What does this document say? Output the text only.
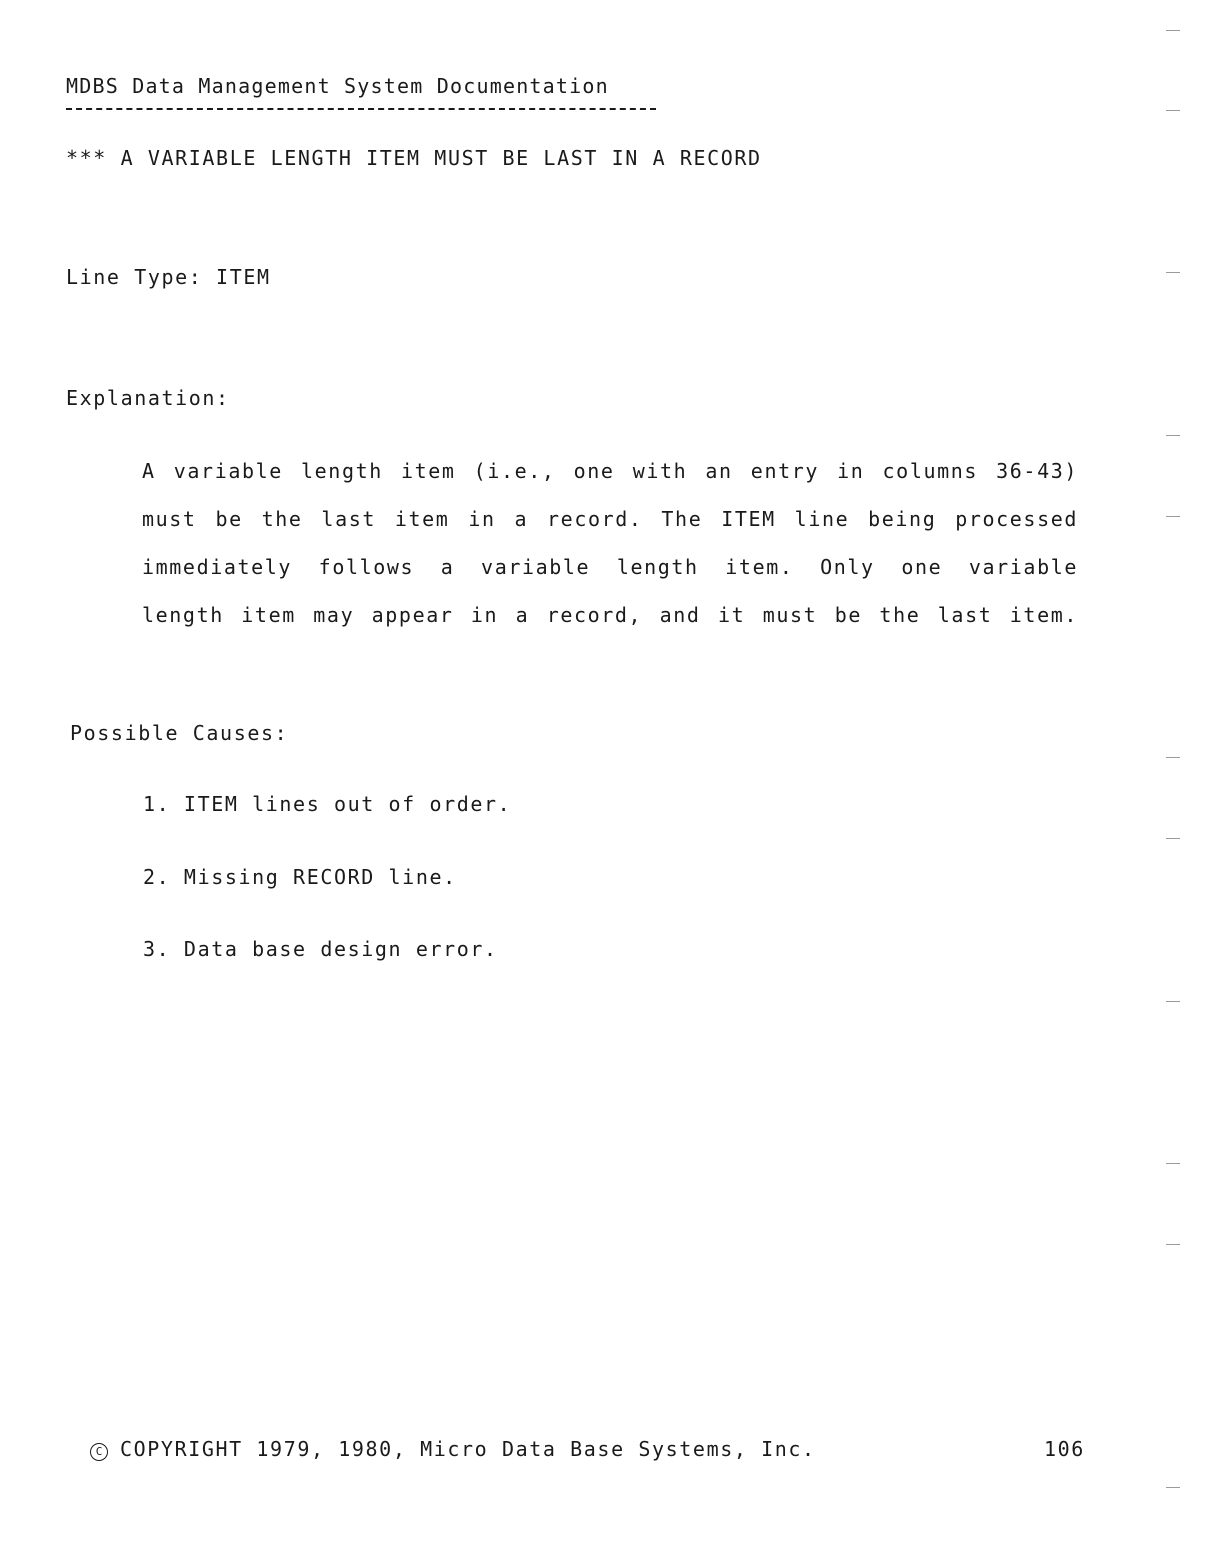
MDBS Data Management System Documentation
*** A VARIABLE LENGTH ITEM MUST BE LAST IN A RECORD
Line Type: ITEM
Explanation:
A variable length item (i.e., one with an entry in columns 36-43)
must be the last item in a record. The ITEM line being processed
immediately follows a variable length item. Only one variable
length item may appear in a record, and it must be the last item.
Possible Causes:
1. ITEM lines out of order.
2. Missing RECORD line.
3. Data base design error.
C COPYRIGHT 1979, 1980, Micro Data Base Systems, Inc.	106
